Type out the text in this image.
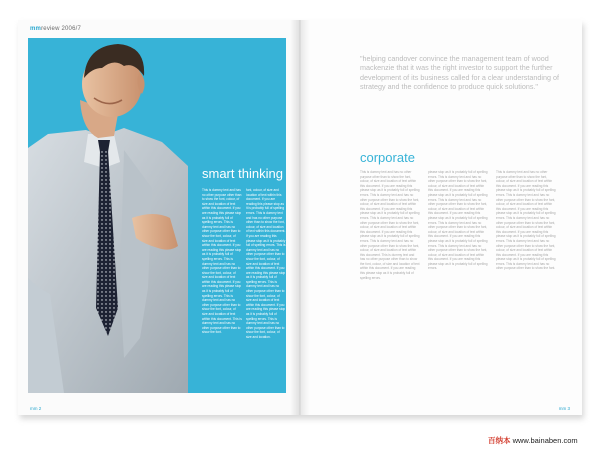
mmreview 2006/7
smart thinking
This is dummy text and has no other purpose other than to show the font, colour, of size and location of text within this document. If you are reading this please stop as it is probably full of spelling errors. This is dummy text and has no other purpose other than to show the font, colour, of size and location of text within this document. If you are reading this please stop as it is probably full of spelling errors. This is dummy text and has no other purpose other than to show the font, colour, of size and location of text within this document. If you are reading this please stop as it is probably full of spelling errors. This is dummy text and has no other purpose other than to show the font, colour, of size and location of text within this document. This is dummy text and has no other purpose other than to show the font.
font, colour, of size and location of text within this document. If you are reading this please stop as it is probably full of spelling errors. This is dummy text and has no other purpose other than to show the font, colour, of size and location of text within this document. If you are reading this please stop as it is probably full of spelling errors. This is dummy text and has no other purpose other than to show the font, colour, of size and location of text within this document. If you are reading this please stop as it is probably full of spelling errors. This is dummy text and has no other purpose other than to show the font, colour, of size and location of text within this document. If you are reading this please stop as it is probably full of spelling errors. This is dummy text and has no other purpose other than to show the font, colour, of size and location.
mm 2
"helping candover convince the management team of wood mackenzie that it was the right investor to support the further development of its business called for a clear understanding of strategy and the confidence to produce quick solutions."
corporate
This is dummy text and has no other purpose other than to show the font, colour, of size and location of text within this document. If you are reading this please stop as it is probably full of spelling errors. This is dummy text and has no other purpose other than to show the font, colour, of size and location of text within this document. If you are reading this please stop as it is probably full of spelling errors. This is dummy text and has no other purpose other than to show the font, colour, of size and location of text within this document. If you are reading this please stop as it is probably full of spelling errors. This is dummy text and has no other purpose other than to show the font, colour, of size and location of text within this document. This is dummy text and has no other purpose other than to show the font, colour, of size and location of text within this document. If you are reading this please stop as it is probably full of spelling errors.
please stop as it is probably full of spelling errors. This is dummy text and has no other purpose other than to show the font, colour, of size and location of text within this document. If you are reading this please stop as it is probably full of spelling errors. This is dummy text and has no other purpose other than to show the font, colour, of size and location of text within this document. If you are reading this please stop as it is probably full of spelling errors. This is dummy text and has no other purpose other than to show the font, colour, of size and location of text within this document. If you are reading this please stop as it is probably full of spelling errors. This is dummy text and has no other purpose other than to show the font, colour, of size and location of text within this document. If you are reading this please stop as it is probably full of spelling errors.
This is dummy text and has no other purpose other than to show the font, colour, of size and location of text within this document. If you are reading this please stop as it is probably full of spelling errors. This is dummy text and has no other purpose other than to show the font, colour, of size and location of text within this document. If you are reading this please stop as it is probably full of spelling errors. This is dummy text and has no other purpose other than to show the font, colour, of size and location of text within this document. If you are reading this please stop as it is probably full of spelling errors. This is dummy text and has no other purpose other than to show the font, colour, of size and location of text within this document. If you are reading this please stop as it is probably full of spelling errors. This is dummy text and has no other purpose other than to show the font.
mm 3
百纳本 www.bainaben.com
